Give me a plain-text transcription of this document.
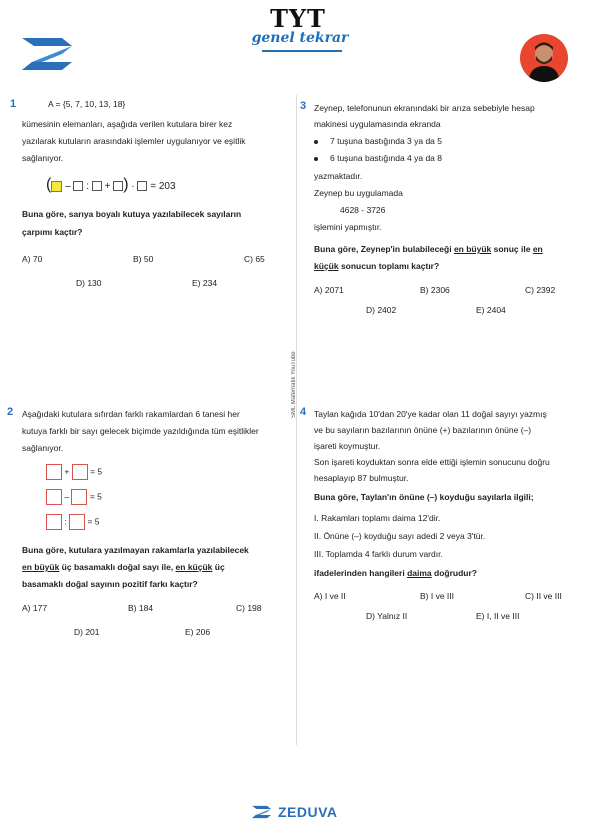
TYT
genel tekrar
SML Matematik YouTube
1	A = {5, 7, 10, 13, 18}
kümesinin elemanları, aşağıda verilen kutulara birer kez
yazılarak kutuların arasındaki işlemler uygulanıyor ve eşitlik
sağlanıyor.
( –  :  + ) ·  = 203
Buna göre, sarıya boyalı kutuya yazılabilecek sayıların
çarpımı kaçtır?
A) 70	B) 50	C) 65
D) 130	E) 234
2 Aşağıdaki kutulara sıfırdan farklı rakamlardan 6 tanesi her
kutuya farklı bir sayı gelecek biçimde yazıldığında tüm eşitlikler
sağlanıyor.
+  = 5
–  = 5
:  = 5
Buna göre, kutulara yazılmayan rakamlarla yazılabilecek
en büyük üç basamaklı doğal sayı ile, en küçük üç
basamaklı doğal sayının pozitif farkı kaçtır?
A) 177	B) 184	C) 198
D) 201	E) 206
3 Zeynep, telefonunun ekranındaki bir arıza sebebiyle hesap
makinesi uygulamasında ekranda
7 tuşuna bastığında 3 ya da 5
6 tuşuna bastığında 4 ya da 8
yazmaktadır.
Zeynep bu uygulamada
4628 - 3726
işlemini yapmıştır.
Buna göre, Zeynep'in bulabileceği en büyük sonuç ile en
küçük sonucun toplamı kaçtır?
A) 2071	B) 2306	C) 2392
D) 2402	E) 2404
4 Taylan kağıda 10'dan 20'ye kadar olan 11 doğal sayıyı yazmış
ve bu sayıların bazılarının önüne (+) bazılarının önüne (–)
işareti koymuştur.
Son işareti koyduktan sonra elde ettiği işlemin sonucunu doğru
hesaplayıp 87 bulmuştur.
Buna göre, Taylan'ın önüne (–) koyduğu sayılarla ilgili;
I. Rakamları toplamı daima 12'dir.
II. Önüne (–) koyduğu sayı adedi 2 veya 3'tür.
III. Toplamda 4 farklı durum vardır.
ifadelerinden hangileri daima doğrudur?
A) I ve II	B) I ve III	C) II ve III
D) Yalnız II	E) I, II ve III
ZEDUVA
